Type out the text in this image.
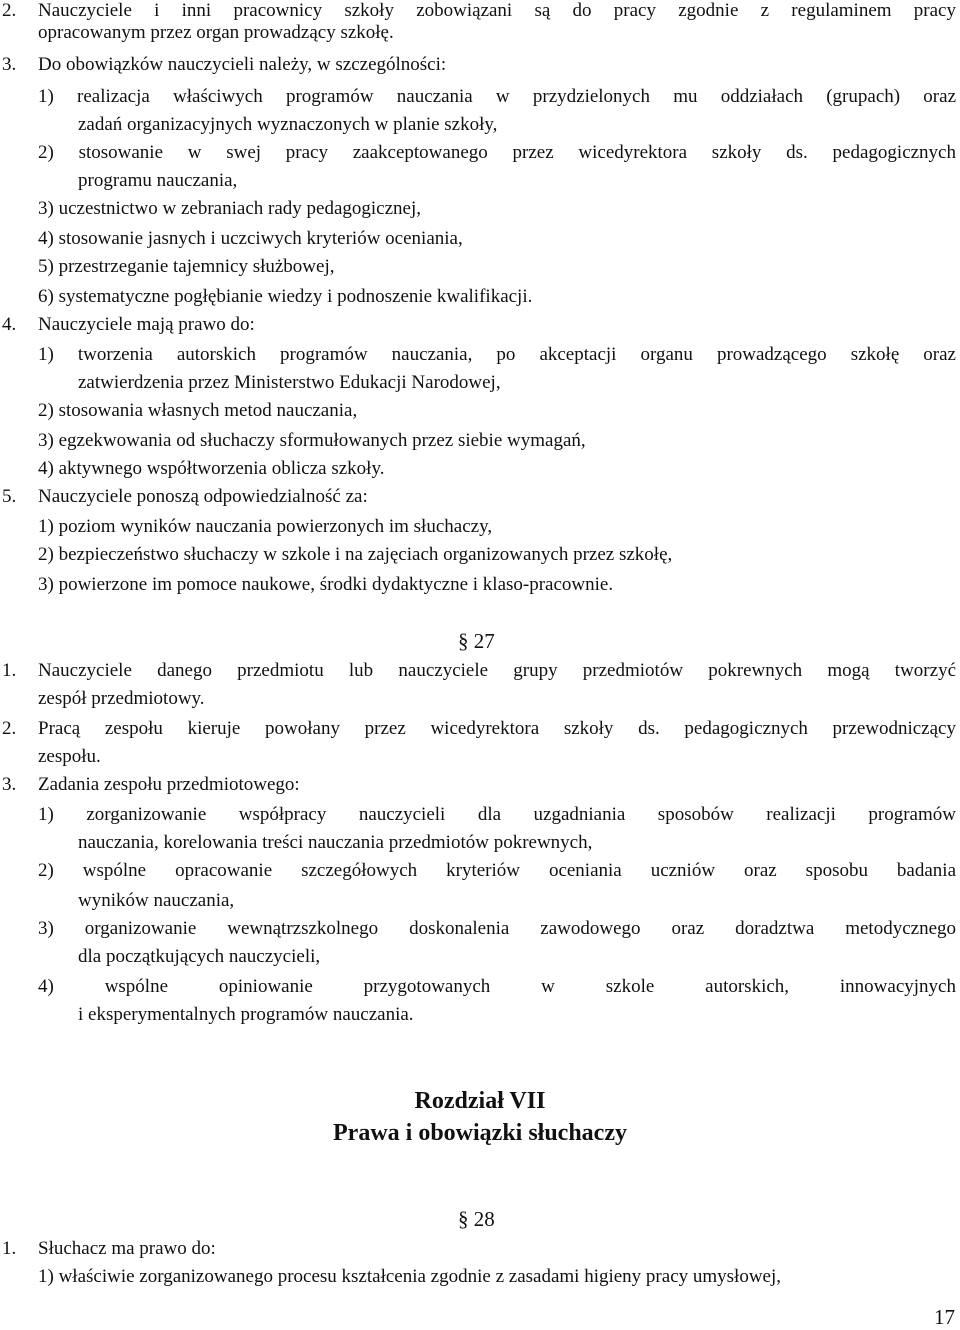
2. Nauczyciele i inni pracownicy szkoły zobowiązani są do pracy zgodnie z regulaminem pracy
opracowanym przez organ prowadzący szkołę.
3. Do obowiązków nauczycieli należy, w szczególności:
1) realizacja właściwych programów nauczania w przydzielonych mu oddziałach (grupach) oraz
zadań organizacyjnych wyznaczonych w planie szkoły,
2) stosowanie w swej pracy zaakceptowanego przez wicedyrektora szkoły ds. pedagogicznych
programu nauczania,
3) uczestnictwo w zebraniach rady pedagogicznej,
4) stosowanie jasnych i uczciwych kryteriów oceniania,
5) przestrzeganie tajemnicy służbowej,
6) systematyczne pogłębianie wiedzy i podnoszenie kwalifikacji.
4. Nauczyciele mają prawo do:
1) tworzenia autorskich programów nauczania, po akceptacji organu prowadzącego szkołę oraz
zatwierdzenia przez Ministerstwo Edukacji Narodowej,
2) stosowania własnych metod nauczania,
3) egzekwowania od słuchaczy sformułowanych przez siebie wymagań,
4) aktywnego współtworzenia oblicza szkoły.
5. Nauczyciele ponoszą odpowiedzialność za:
1) poziom wyników nauczania powierzonych im słuchaczy,
2) bezpieczeństwo słuchaczy w szkole i na zajęciach organizowanych przez szkołę,
3) powierzone im pomoce naukowe, środki dydaktyczne i klaso-pracownie.
§ 27
1. Nauczyciele danego przedmiotu lub nauczyciele grupy przedmiotów pokrewnych mogą tworzyć
zespół przedmiotowy.
2. Pracą zespołu kieruje powołany przez wicedyrektora szkoły ds. pedagogicznych przewodniczący
zespołu.
3. Zadania zespołu przedmiotowego:
1) zorganizowanie współpracy nauczycieli dla uzgadniania sposobów realizacji programów
nauczania, korelowania treści nauczania przedmiotów pokrewnych,
2) wspólne opracowanie szczegółowych kryteriów oceniania uczniów oraz sposobu badania
wyników nauczania,
3) organizowanie wewnątrzszkolnego doskonalenia zawodowego oraz doradztwa metodycznego
dla początkujących nauczycieli,
4) wspólne opiniowanie przygotowanych w szkole autorskich, innowacyjnych
i eksperymentalnych programów nauczania.
Rozdział VII
Prawa i obowiązki słuchaczy
§ 28
1. Słuchacz ma prawo do:
1) właściwie zorganizowanego procesu kształcenia zgodnie z zasadami higieny pracy umysłowej,
17
